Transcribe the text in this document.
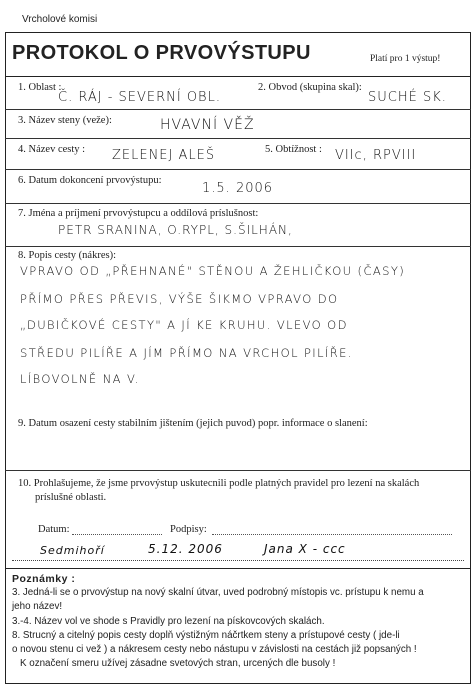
Vrcholové komisi
PROTOKOL O PRVOVÝSTUPU	Platí pro 1 výstup!
1. Oblast :
Č. RÁJ - SEVERNÍ OBL.
2. Obvod (skupina skal):
SUCHÉ SK.
3. Název steny (veže):	HVAVNÍ VĚŽ
4. Název cesty : ZELENEJ ALEŠ	5. Obtížnost : VIIc, RPVIII
6. Datum dokoncení prvovýstupu:
1.5. 2006
7. Jména a príjmení prvovýstupcu a oddílová príslušnost:
PETR SRANINA, O.RYPL, S.ŠILHÁN,
8. Popis cesty (nákres):
VPRAVO OD „PŘEHNANÉ" STĚNOU A ŽEHLIČKOU (ČASY)
PŘÍMO PŘES PŘEVIS, VÝŠE ŠIKMO VPRAVO DO
„DUBIČKOVÉ CESTY" A JÍ KE KRUHU. VLEVO OD
STŘEDU PILÍŘE A JÍM PŘÍMO NA VRCHOL PILÍŘE.
LÍBOVOLNĚ NA V.
9. Datum osazení cesty stabilním jištením (jejich puvod) popr. informace o slanení:
10. Prohlašujeme, že jsme prvovýstup uskutecnili podle platných pravidel pro lezení na skalách
príslušné oblasti.
Datum:	Podpisy:
Sedmihoří	5.12. 2006	Jana X - ccc
Poznámky :
3. Jedná-li se o prvovýstup na nový skalní útvar, uved podrobný místopis vc. prístupu k nemu a
jeho název!
3.-4. Název vol ve shode s Pravidly pro lezení na pískovcových skalách.
8. Strucný a citelný popis cesty doplň výstižným náčrtkem steny a prístupové cesty ( jde-li
o novou stenu ci vež ) a nákresem cesty nebo nástupu v závislosti na cestách již popsaných !
K označení smeru užívej zásadne svetových stran, urcených dle busoly !
